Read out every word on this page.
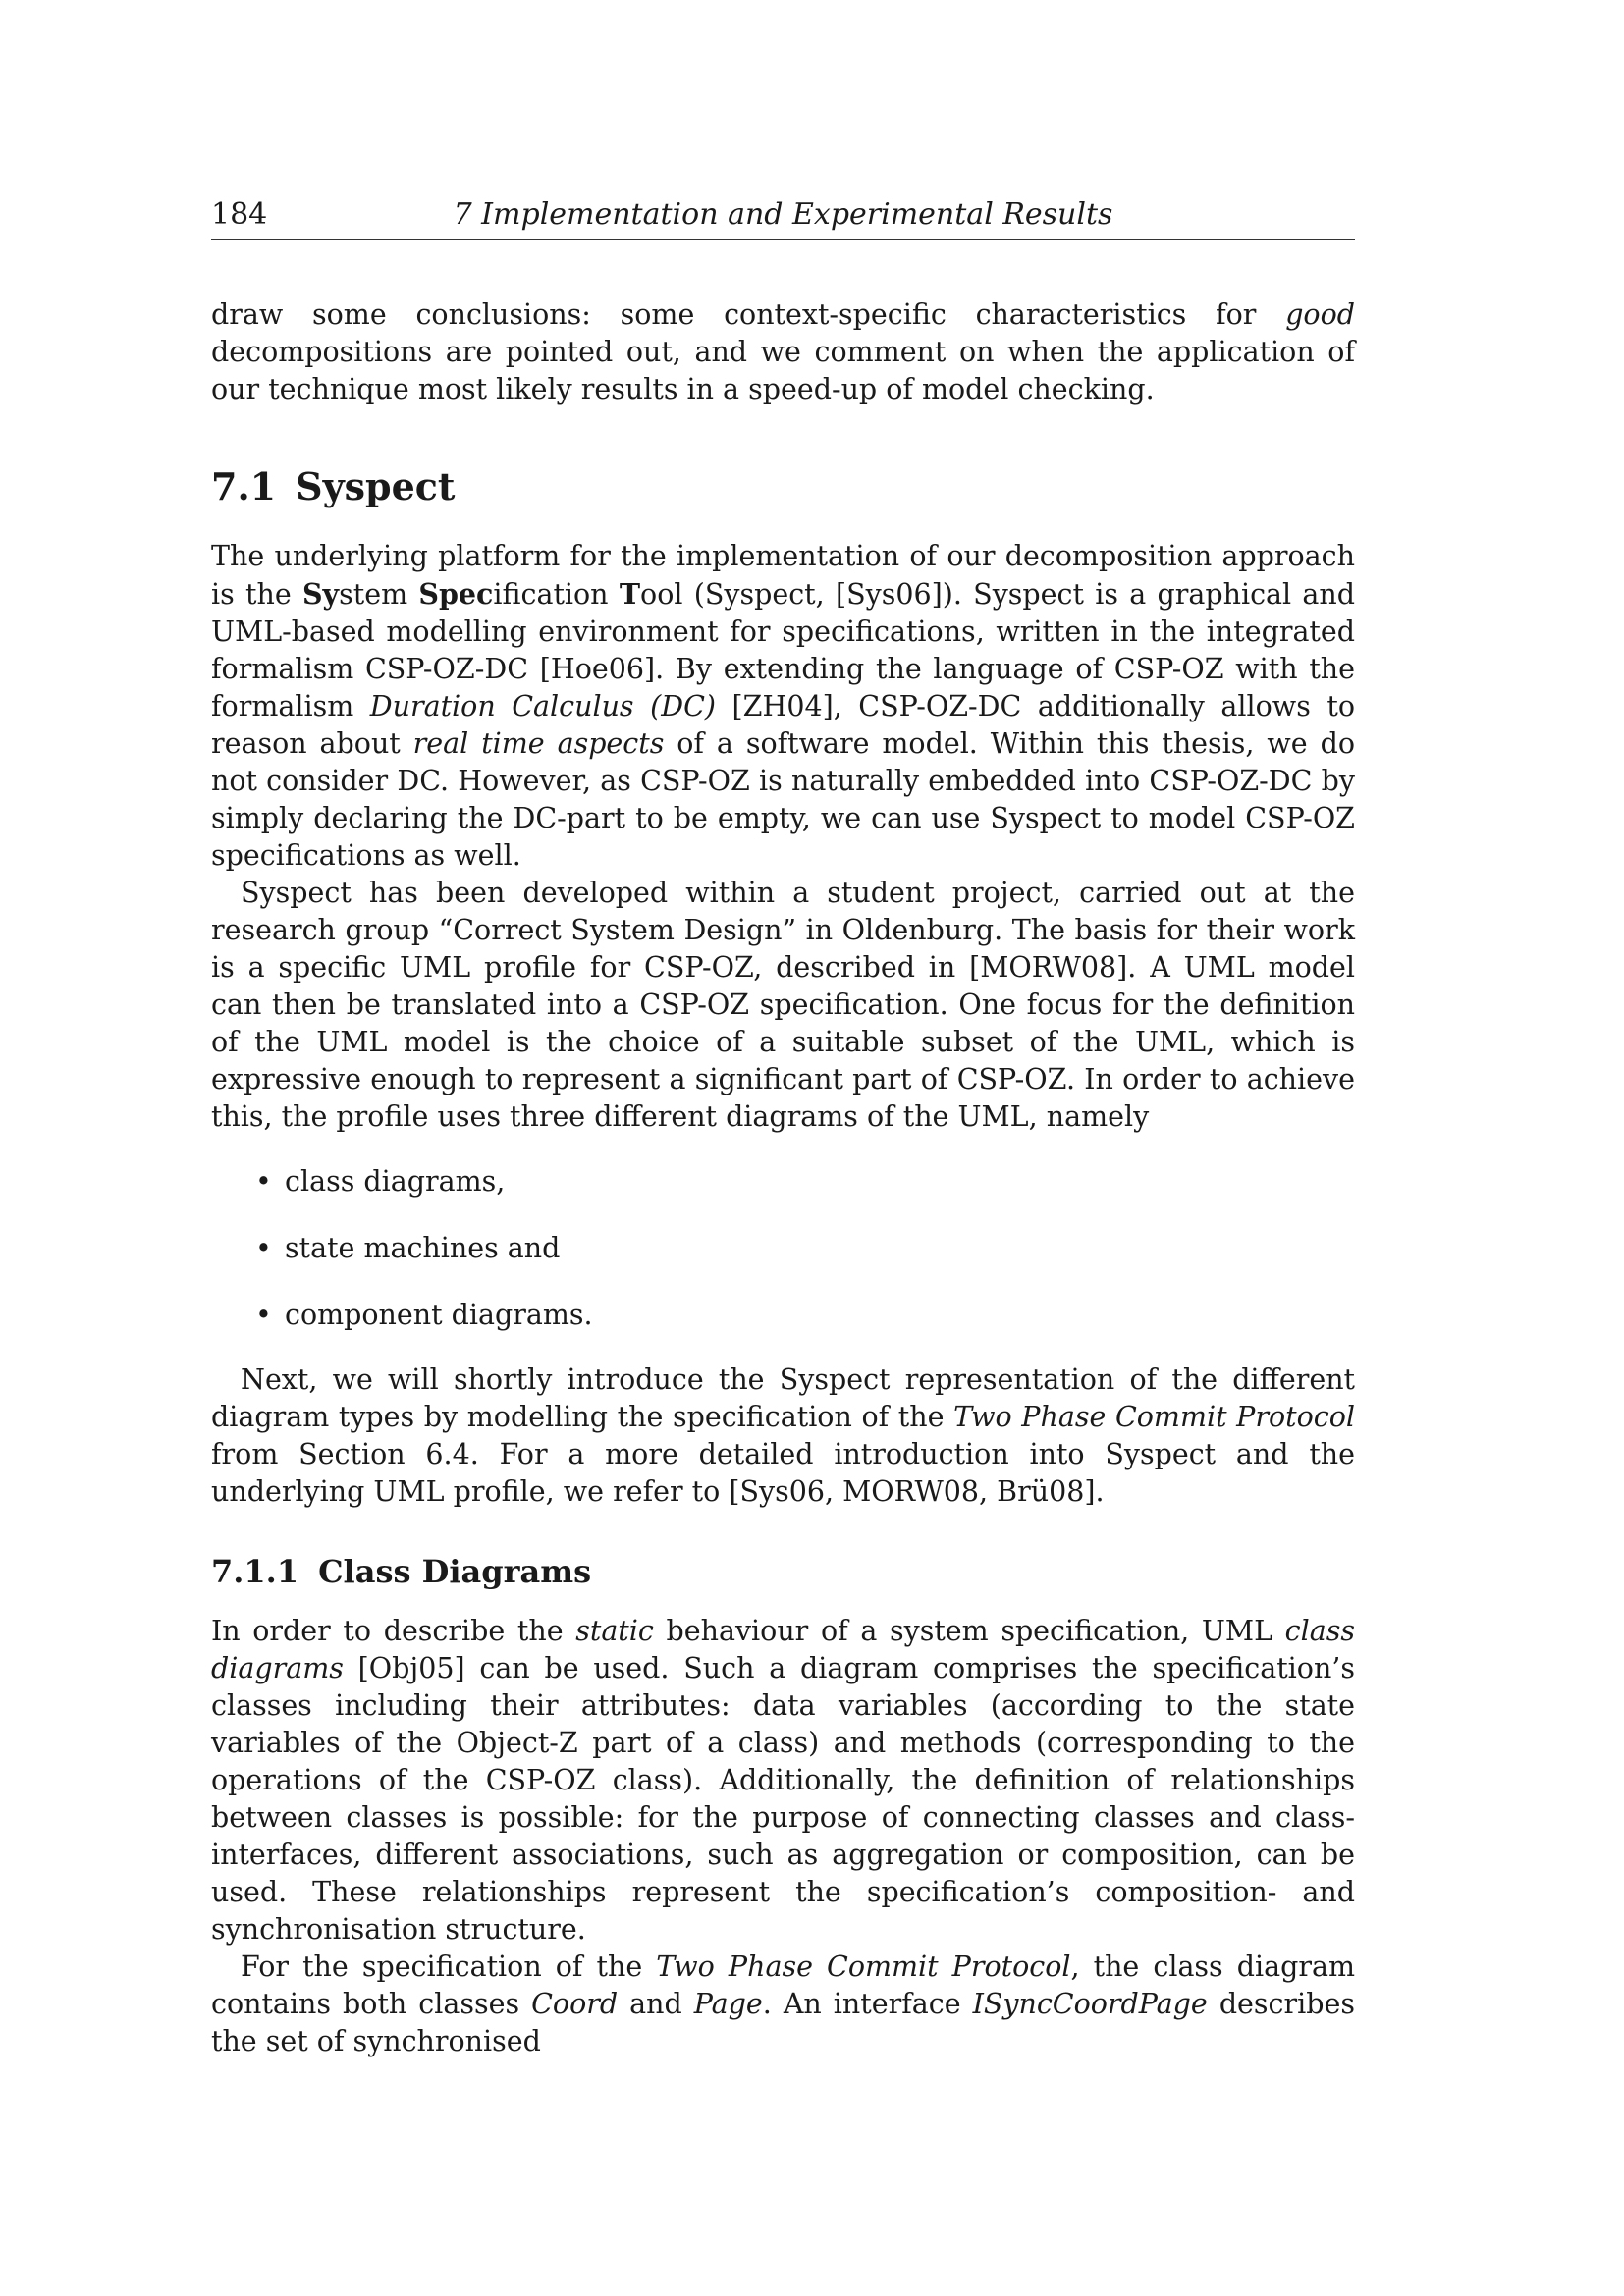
184	7 Implementation and Experimental Results

draw some conclusions: some context-specific characteristics for good decompositions are pointed out, and we comment on when the application of our technique most likely results in a speed-up of model checking.

7.1 Syspect

The underlying platform for the implementation of our decomposition approach is the System Specification Tool (Syspect, [Sys06]). Syspect is a graphical and UML-based modelling environment for specifications, written in the integrated formalism CSP-OZ-DC [Hoe06]. By extending the language of CSP-OZ with the formalism Duration Calculus (DC) [ZH04], CSP-OZ-DC additionally allows to reason about real time aspects of a software model. Within this thesis, we do not consider DC. However, as CSP-OZ is naturally embedded into CSP-OZ-DC by simply declaring the DC-part to be empty, we can use Syspect to model CSP-OZ specifications as well.

Syspect has been developed within a student project, carried out at the research group “Correct System Design” in Oldenburg. The basis for their work is a specific UML profile for CSP-OZ, described in [MORW08]. A UML model can then be translated into a CSP-OZ specification. One focus for the definition of the UML model is the choice of a suitable subset of the UML, which is expressive enough to represent a significant part of CSP-OZ. In order to achieve this, the profile uses three different diagrams of the UML, namely

• class diagrams,
• state machines and
• component diagrams.

Next, we will shortly introduce the Syspect representation of the different diagram types by modelling the specification of the Two Phase Commit Protocol from Section 6.4. For a more detailed introduction into Syspect and the underlying UML profile, we refer to [Sys06, MORW08, Brü08].

7.1.1 Class Diagrams

In order to describe the static behaviour of a system specification, UML class diagrams [Obj05] can be used. Such a diagram comprises the specification’s classes including their attributes: data variables (according to the state variables of the Object-Z part of a class) and methods (corresponding to the operations of the CSP-OZ class). Additionally, the definition of relationships between classes is possible: for the purpose of connecting classes and class-interfaces, different associations, such as aggregation or composition, can be used. These relationships represent the specification’s composition- and synchronisation structure.

For the specification of the Two Phase Commit Protocol, the class diagram contains both classes Coord and Page. An interface ISyncCoordPage describes the set of synchronised
